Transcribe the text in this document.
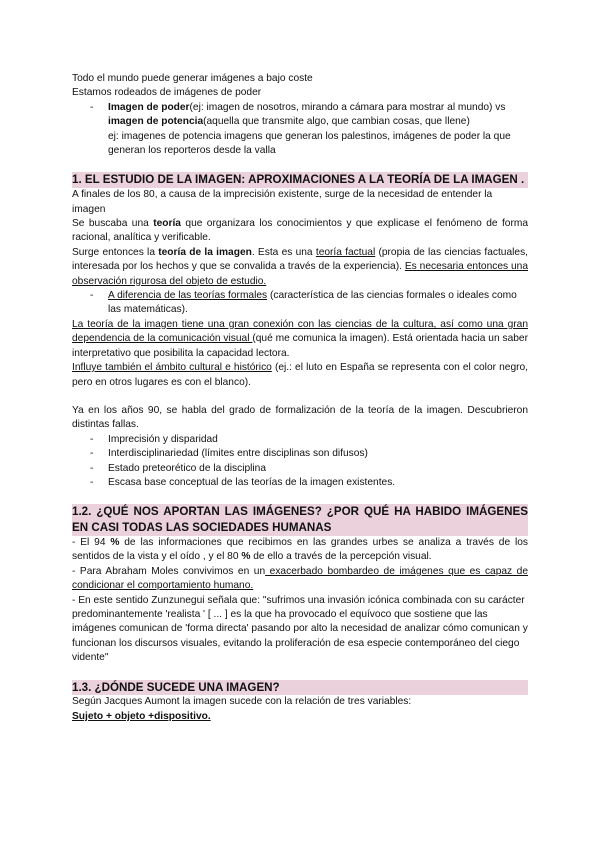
Todo el mundo puede generar imágenes a bajo coste

Estamos rodeados de imágenes de poder

- Imagen de poder(ej: imagen de nosotros, mirando a cámara para mostrar al mundo) vs imagen de potencia(aquella que transmite algo, que cambian cosas, que llene)

ej: imagenes de potencia imagens que generan los palestinos, imágenes de poder la que generan los reporteros desde la valla

1. EL ESTUDIO DE LA IMAGEN: APROXIMACIONES A LA TEORÍA DE LA IMAGEN .

A finales de los 80, a causa de la imprecisión existente, surge de la necesidad de entender la imagen

Se buscaba una teoría que organizara los conocimientos y que explicase el fenómeno de forma racional, analítica y verificable.

Surge entonces la teoría de la imagen. Esta es una teoría factual (propia de las ciencias factuales, interesada por los hechos y que se convalida a través de la experiencia). Es necesaria entonces una observación rigurosa del objeto de estudio.

- A diferencia de las teorías formales (característica de las ciencias formales o ideales como las matemáticas).

La teoría de la imagen tiene una gran conexión con las ciencias de la cultura, así como una gran dependencia de la comunicación visual (qué me comunica la imagen). Está orientada hacia un saber interpretativo que posibilita la capacidad lectora.

Influye también el ámbito cultural e histórico (ej.: el luto en España se representa con el color negro, pero en otros lugares es con el blanco).

Ya en los años 90, se habla del grado de formalización de la teoría de la imagen. Descubrieron distintas fallas.

- Imprecisión y disparidad
- Interdisciplinariedad (límites entre disciplinas son difusos)
- Estado preteorético de la disciplina
- Escasa base conceptual de las teorías de la imagen existentes.
1.2. ¿QUÉ NOS APORTAN LAS IMÁGENES? ¿POR QUÉ HA HABIDO IMÁGENES EN CASI TODAS LAS SOCIEDADES HUMANAS

- El 94 % de las informaciones que recibimos en las grandes urbes se analiza a través de los sentidos de la vista y el oído , y el 80 % de ello a través de la percepción visual.

- Para Abraham Moles convivimos en un exacerbado bombardeo de imágenes que es capaz de condicionar el comportamiento humano.

- En este sentido Zunzunegui señala que: "sufrimos una invasión icónica combinada con su carácter predominantemente 'realista ' [ ... ] es la que ha provocado el equívoco que sostiene que las imágenes comunican de 'forma directa' pasando por alto la necesidad de analizar cómo comunican y funcionan los discursos visuales, evitando la proliferación de esa especie contemporáneo del ciego vidente"

1.3. ¿DÓNDE SUCEDE UNA IMAGEN?

Según Jacques Aumont la imagen sucede con la relación de tres variables:

Sujeto + objeto +dispositivo.
